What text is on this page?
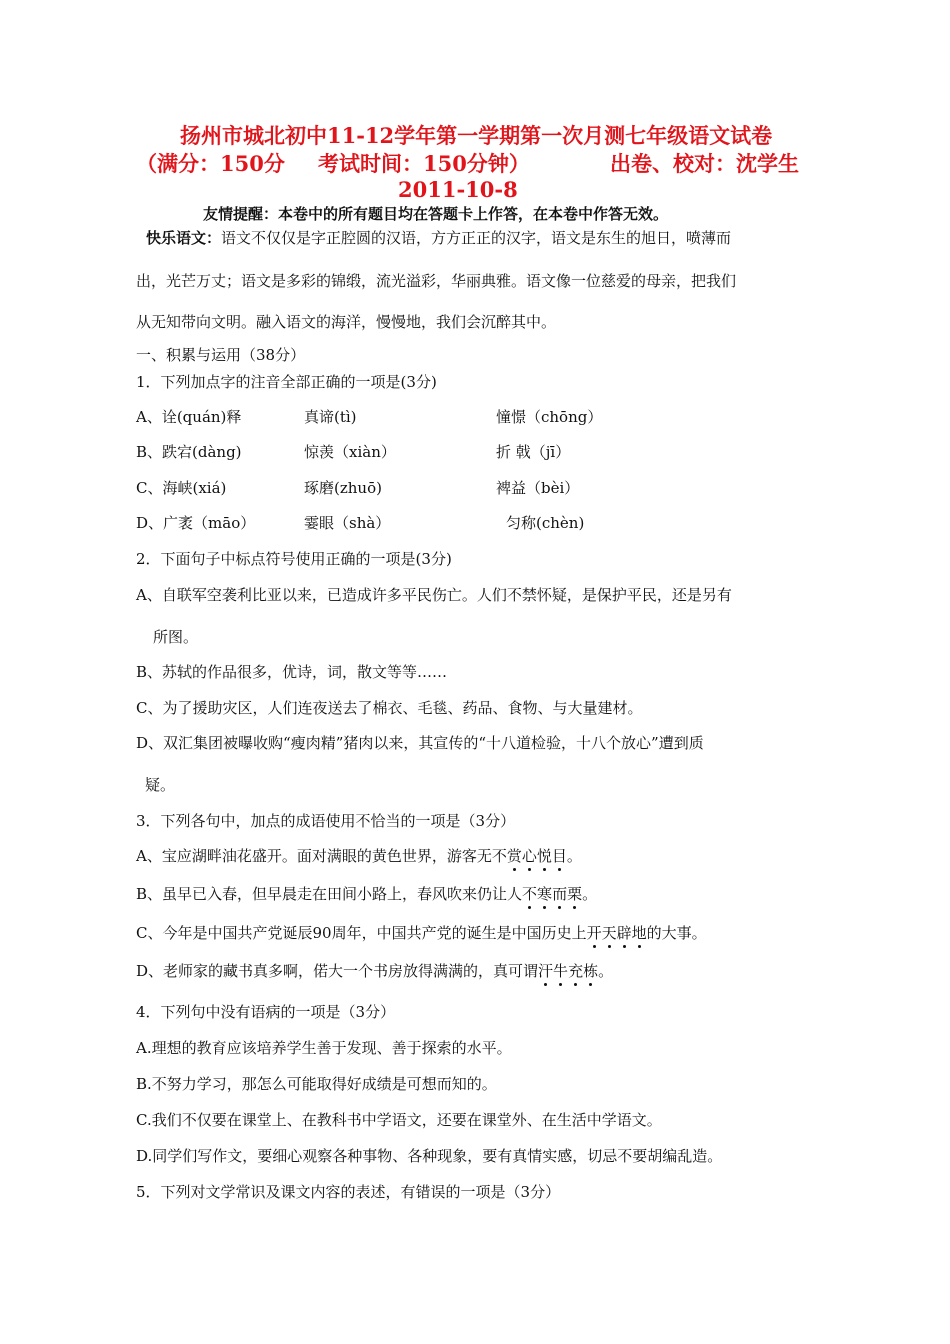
扬州市城北初中11-12学年第一学期第一次月测七年级语文试卷
（满分：150分 考试时间：150分钟）	出卷、校对：沈学生
2011-10-8
友情提醒：本卷中的所有题目均在答题卡上作答，在本卷中作答无效。
快乐语文：语文不仅仅是字正腔圆的汉语，方方正正的汉字，语文是东生的旭日，喷薄而
出，光芒万丈；语文是多彩的锦缎，流光溢彩，华丽典雅。语文像一位慈爱的母亲，把我们
从无知带向文明。融入语文的海洋，慢慢地，我们会沉醉其中。
一、积累与运用（38分）
1．下列加点字的注音全部正确的一项是(3分)
A、诠(quán)释	真谛(tì)	憧憬（chōng）
B、跌宕(dàng)	惊羡（xiàn）	折 戟（jī）
C、海峡(xiá)	琢磨(zhuō)	裨益（bèi）
D、广袤（māo）	霎眼（shà）	匀称(chèn)
2．下面句子中标点符号使用正确的一项是(3分)
A、自联军空袭利比亚以来，已造成许多平民伤亡。人们不禁怀疑，是保护平民，还是另有
所图。
B、苏轼的作品很多，优诗，词，散文等等……
C、为了援助灾区，人们连夜送去了棉衣、毛毯、药品、食物、与大量建材。
D、双汇集团被曝收购“瘦肉精”猪肉以来，其宣传的“十八道检验，十八个放心”遭到质
疑。
3．下列各句中，加点的成语使用不恰当的一项是（3分）
A、宝应湖畔油花盛开。面对满眼的黄色世界，游客无不赏心悦目。
B、虽早已入春，但早晨走在田间小路上，春风吹来仍让人不寒而栗。
C、今年是中国共产党诞辰90周年，中国共产党的诞生是中国历史上开天辟地的大事。
D、老师家的藏书真多啊，偌大一个书房放得满满的，真可谓汗牛充栋。
4．下列句中没有语病的一项是（3分）
A.理想的教育应该培养学生善于发现、善于探索的水平。
B.不努力学习，那怎么可能取得好成绩是可想而知的。
C.我们不仅要在课堂上、在教科书中学语文，还要在课堂外、在生活中学语文。
D.同学们写作文，要细心观察各种事物、各种现象，要有真情实感，切忌不要胡编乱造。
5．下列对文学常识及课文内容的表述，有错误的一项是（3分）
